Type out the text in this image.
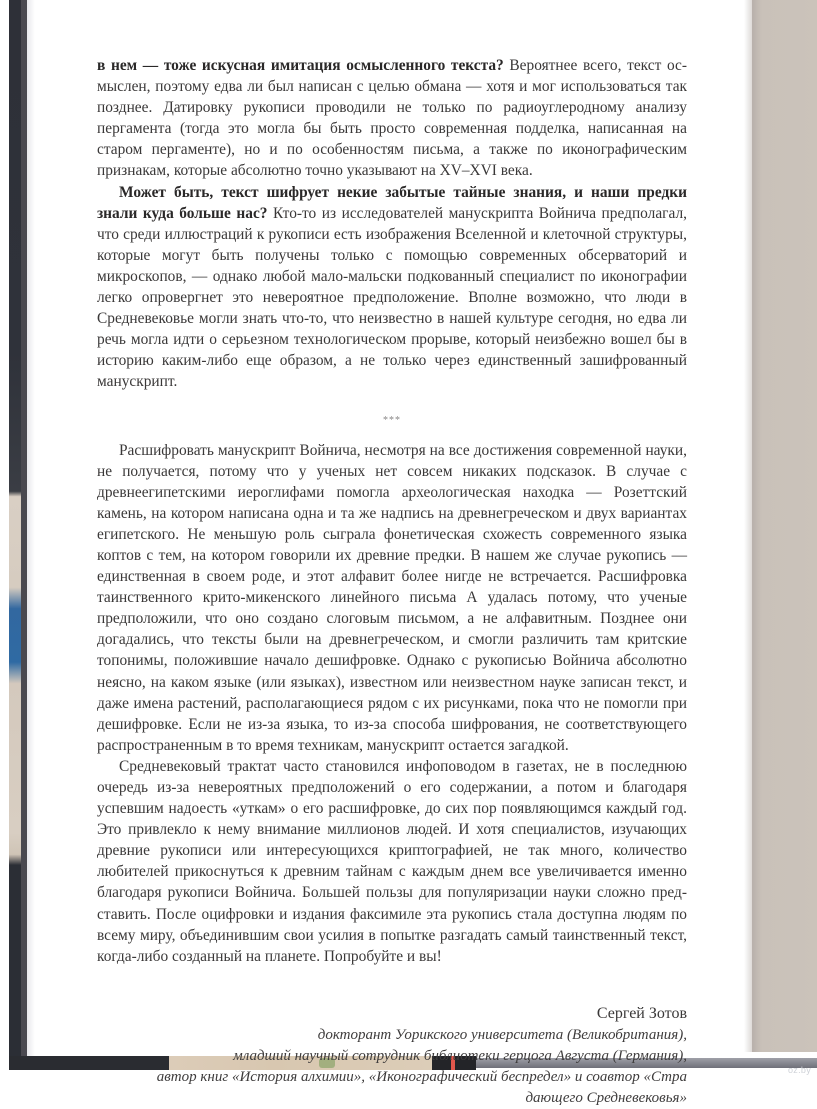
oz.by

в нем — тоже искусная имитация осмысленного текста? Вероятнее всего, текст осмыслен, поэтому едва ли был написан с целью обмана — хотя и мог использоваться так позднее. Датировку рукописи проводили не только по радиоуглеродному анализу пергамента (тогда это могла бы быть просто современная подделка, написанная на старом пергаменте), но и по особенностям письма, а также по иконографическим признакам, которые абсолютно точно указывают на XV–XVI века.

Может быть, текст шифрует некие забытые тайные знания, и наши предки знали куда больше нас? Кто-то из исследователей манускрипта Войнича предполагал, что среди иллюстраций к рукописи есть изображения Вселенной и клеточной структуры, которые могут быть получены только с помощью современных обсерваторий и микроскопов, — однако любой мало-мальски подкованный специалист по иконографии легко опровергнет это невероятное предположение. Вполне возможно, что люди в Средневековье могли знать что-то, что неизвестно в нашей культуре сегодня, но едва ли речь могла идти о серьезном технологическом прорыве, который неизбежно вошел бы в историю каким-либо еще образом, а не только через единственный зашифрованный манускрипт.

***

Расшифровать манускрипт Войнича, несмотря на все достижения современной науки, не получается, потому что у ученых нет совсем никаких подсказок. В случае с древнеегипетскими иероглифами помогла археологическая находка — Розеттский камень, на котором написана одна и та же надпись на древнегреческом и двух вариантах египетского. Не меньшую роль сыграла фонетическая схожесть современного языка коптов с тем, на котором говорили их древние предки. В нашем же случае рукопись — единственная в своем роде, и этот алфавит более нигде не встречается. Расшифровка таинственного крито-микенского линейного письма А удалась потому, что ученые предположили, что оно создано слоговым письмом, а не алфавитным. Позднее они догадались, что тексты были на древнегреческом, и смогли различить там критские топонимы, положившие начало дешифровке. Однако с рукописью Войнича абсолютно неясно, на каком языке (или языках), известном или неизвестном науке записан текст, и даже имена растений, располагающиеся рядом с их рисунками, пока что не помогли при дешифровке. Если не из-за языка, то из-за способа шифрования, не соответствующего распространенным в то время техникам, манускрипт остается загадкой.

Средневековый трактат часто становился инфоповодом в газетах, не в последнюю очередь из-за невероятных предположений о его содержании, а потом и благодаря успевшим надоесть «уткам» о его расшифровке, до сих пор появляющимся каждый год. Это привлекло к нему внимание миллионов людей. И хотя специалистов, изучающих древние рукописи или интересующихся криптографией, не так много, количество любителей прикоснуться к древним тайнам с каждым днем все увеличивается именно благодаря рукописи Войнича. Большей пользы для популяризации науки сложно представить. После оцифровки и издания факсимиле эта рукопись стала доступна людям по всему миру, объединившим свои усилия в попытке разгадать самый таинственный текст, когда-либо созданный на планете. Попробуйте и вы!

Сергей Зотов
докторант Уорикского университета (Великобритания),
младший научный сотрудник библиотеки герцога Августа (Германия),
автор книг «История алхимии», «Иконографический беспредел» и соавтор «Стра
дающего Средневековья»
